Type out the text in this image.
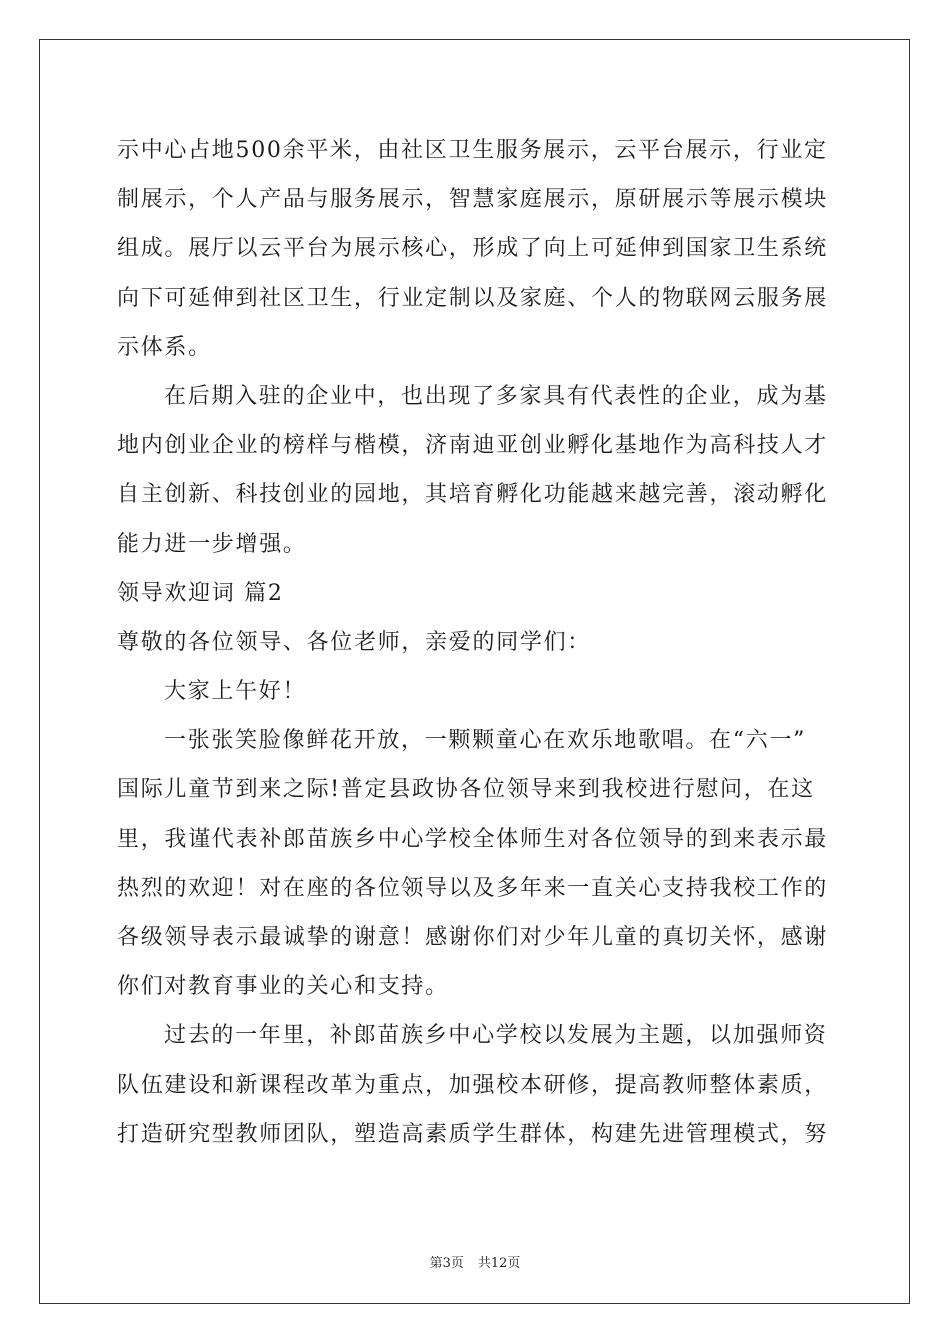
示中心占地500余平米，由社区卫生服务展示，云平台展示，行业定
制展示，个人产品与服务展示，智慧家庭展示，原研展示等展示模块
组成。展厅以云平台为展示核心，形成了向上可延伸到国家卫生系统
向下可延伸到社区卫生，行业定制以及家庭、个人的物联网云服务展
示体系。
在后期入驻的企业中，也出现了多家具有代表性的企业，成为基
地内创业企业的榜样与楷模，济南迪亚创业孵化基地作为高科技人才
自主创新、科技创业的园地，其培育孵化功能越来越完善，滚动孵化
能力进一步增强。
领导欢迎词 篇2
尊敬的各位领导、各位老师，亲爱的同学们：
大家上午好！
一张张笑脸像鲜花开放，一颗颗童心在欢乐地歌唱。在“六一”
国际儿童节到来之际!普定县政协各位领导来到我校进行慰问，在这
里，我谨代表补郎苗族乡中心学校全体师生对各位领导的到来表示最
热烈的欢迎！对在座的各位领导以及多年来一直关心支持我校工作的
各级领导表示最诚挚的谢意！感谢你们对少年儿童的真切关怀，感谢
你们对教育事业的关心和支持。
过去的一年里，补郎苗族乡中心学校以发展为主题，以加强师资
队伍建设和新课程改革为重点，加强校本研修，提高教师整体素质，
打造研究型教师团队，塑造高素质学生群体，构建先进管理模式，努
第3页 共12页
